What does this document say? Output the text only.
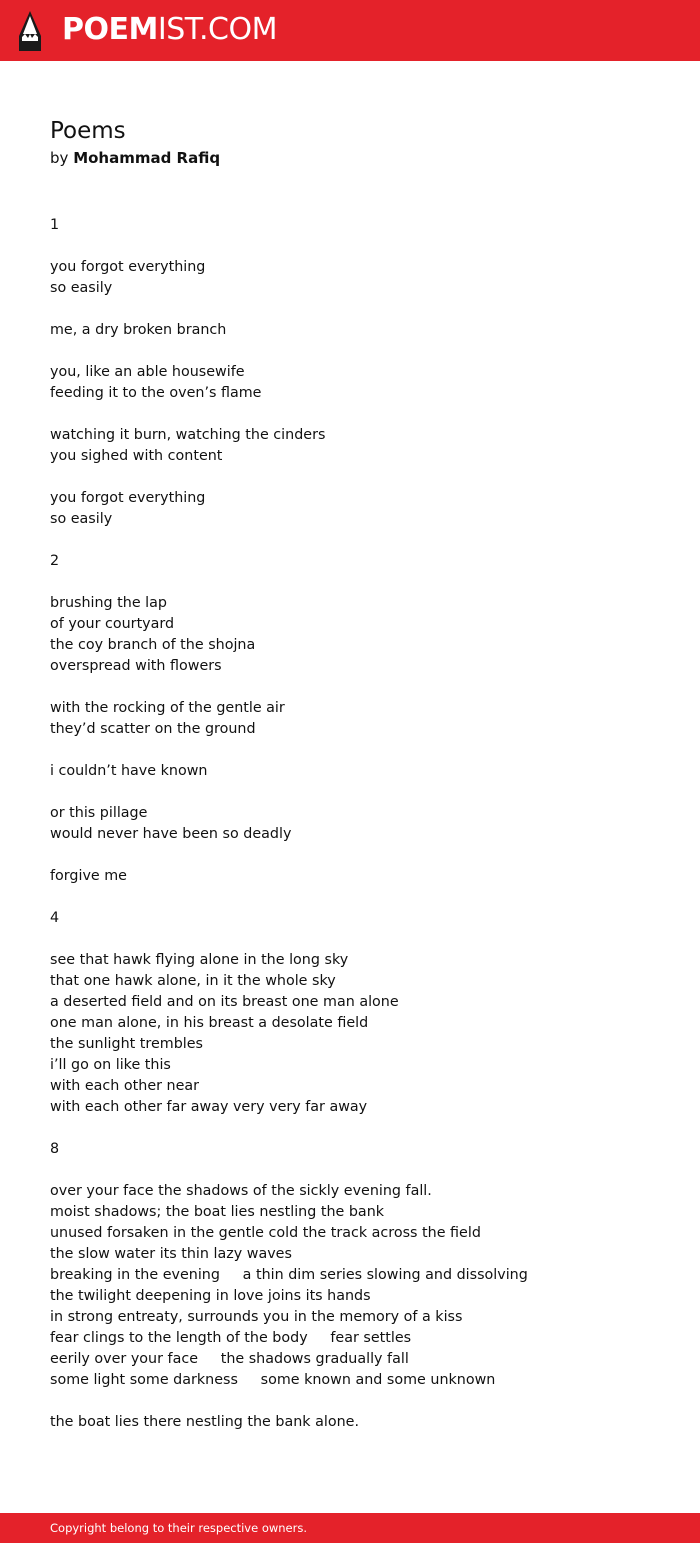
POEMIST.COM
Poems
by Mohammad Rafiq
1

you forgot everything
so easily

me, a dry broken branch

you, like an able housewife
feeding it to the oven’s flame

watching it burn, watching the cinders
you sighed with content

you forgot everything
so easily

2

brushing the lap
of your courtyard
the coy branch of the shojna
overspread with flowers

with the rocking of the gentle air
they’d scatter on the ground

i couldn’t have known

or this pillage
would never have been so deadly

forgive me

4

see that hawk flying alone in the long sky
that one hawk alone, in it the whole sky
a deserted field and on its breast one man alone
one man alone, in his breast a desolate field
the sunlight trembles
i’ll go on like this
with each other near
with each other far away very very far away

8

over your face the shadows of the sickly evening fall.
moist shadows; the boat lies nestling the bank
unused forsaken in the gentle cold the track across the field
the slow water its thin lazy waves
breaking in the evening     a thin dim series slowing and dissolving
the twilight deepening in love joins its hands
in strong entreaty, surrounds you in the memory of a kiss
fear clings to the length of the body     fear settles
eerily over your face     the shadows gradually fall
some light some darkness     some known and some unknown

the boat lies there nestling the bank alone.
Copyright belong to their respective owners.
